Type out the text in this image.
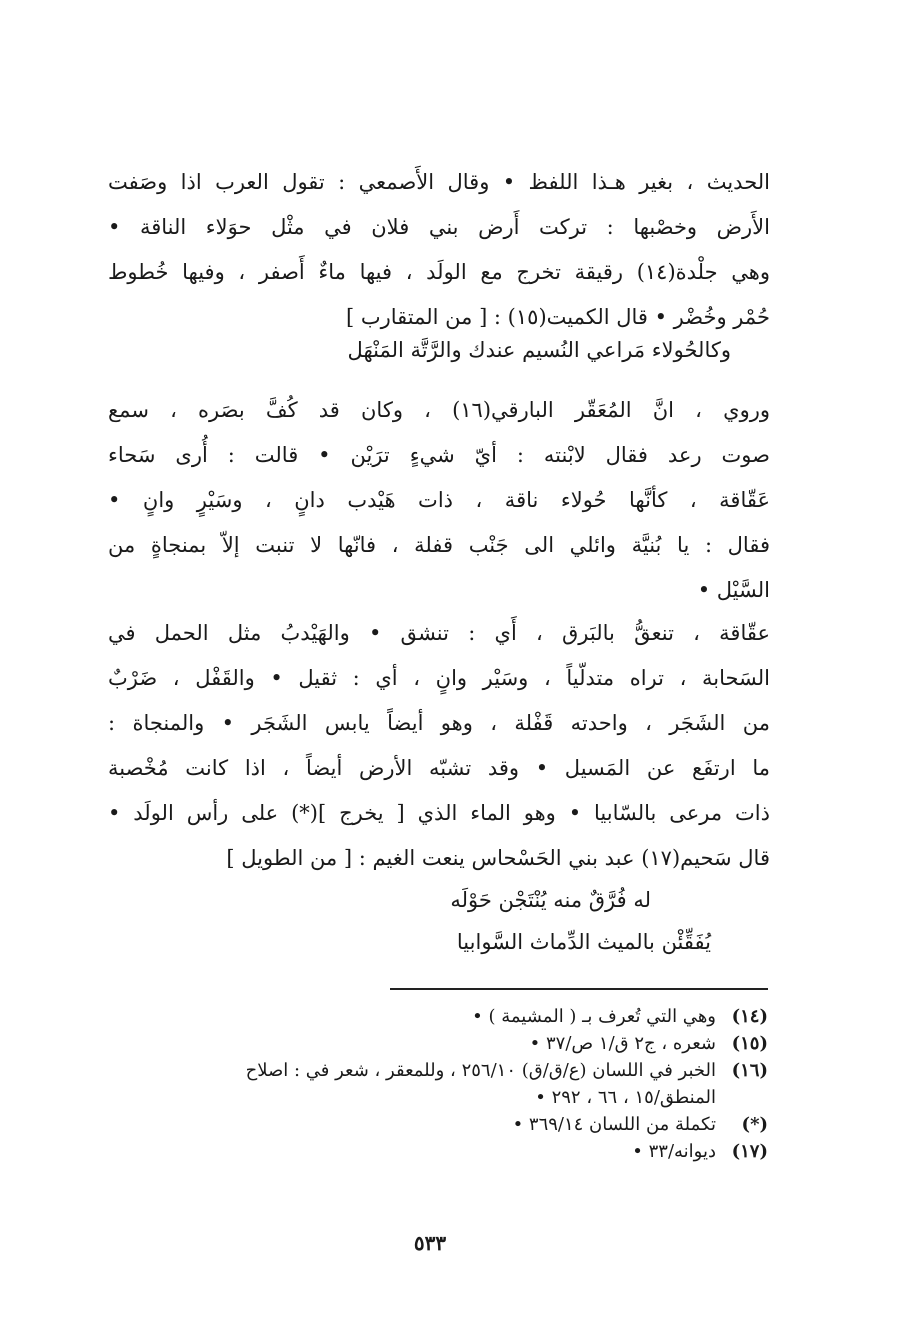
الحديث ، بغير هـذا اللفظ • وقال الأَصمعي : تقول العرب اذا وصَفت
الأَرض وخصْبها : تركت أَرض بني فلان في مثْل حوَلاء الناقة •
وهي جلْدة(١٤) رقيقة تخرج مع الولَد ، فيها ماءٌ أَصفر ، وفيها خُطوط
حُمْر وخُضْر • قال الكميت(١٥) : [ من المتقارب ]
وكالحُولاء مَراعي النُسيم عندك والرَّتَّة المَنْهَل
وروي ، انَّ المُعَقّر البارقي(١٦) ، وكان قد كُفَّ بصَره ، سمع
صوت رعد فقال لابْنته : أيّ شيءٍ ترَيْن • قالت : أُرى سَحاء
عَقّاقة ، كأنَّها حُولاء ناقة ، ذات هَيْدب دانٍ ، وسَيْرٍ وانٍ •
فقال : يا بُنيَّة وائلي الى جَنْب قفلة ، فانّها لا تنبت إلاّ بمنجاةٍ من
السَّيْل •
عقّاقة ، تنعقُّ بالبَرق ، أَي : تنشق • والهَيْدبُ مثل الحمل في
السَحابة ، تراه متدلّياً ، وسَيْر وانٍ ، أي : ثقيل • والقَفْل ، ضَرْبٌ
من الشَجَر ، واحدته قَفْلة ، وهو أيضاً يابس الشَجَر • والمنجاة :
ما ارتفَع عن المَسيل • وقد تشبّه الأرض أيضاً ، اذا كانت مُخْصبة
ذات مرعى بالسّابيا • وهو الماء الذي [ يخرج ](*) على رأس الولَد •
قال سَحيم(١٧) عبد بني الحَسْحاس ينعت الغيم : [ من الطويل ]
له فُرَّقٌ منه يُنْتَجْن حَوْلَه
يُفَقِّئْن بالميث الدِّماث السَّوابيا
(١٤)
وهي التي تُعرف بـ ( المشيمة ) •
(١٥)
شعره ، ج٢ ق/١ ص/٣٧ •
(١٦)
الخبر في اللسان (ع/ق/ق) ٢٥٦/١٠ ، وللمعقر ، شعر في : اصلاح
المنطق/١٥ ، ٦٦ ، ٢٩٢ •
(*)
تكملة من اللسان ٣٦٩/١٤ •
(١٧)
ديوانه/٣٣ •
٥٣٣
